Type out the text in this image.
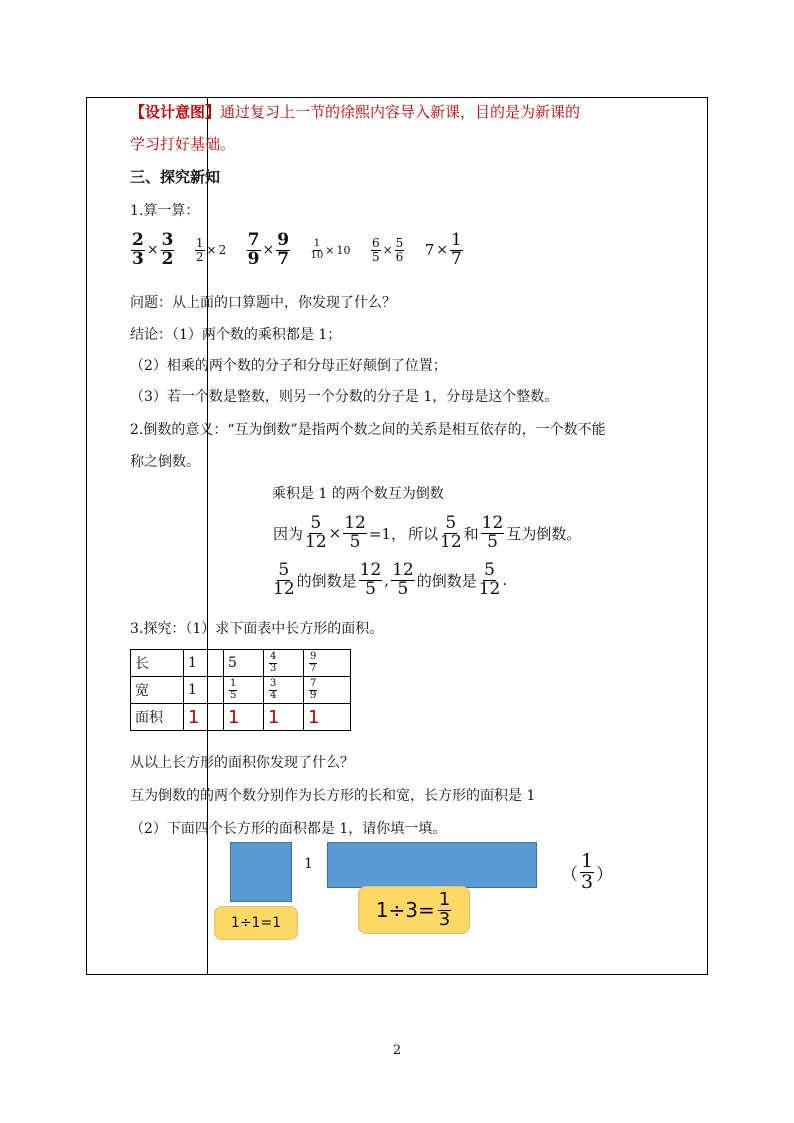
【设计意图】通过复习上一节的徐熙内容导入新课，目的是为新课的
学习打好基础。
三、探究新知
1.算一算：
$\frac{2}{3} \times \frac{3}{2}$
$\frac{1}{2} \times 2 \frac{7}{9} \times \frac{9}{7}$
$\frac{1}{10} \times 10 \frac{6}{5} \times \frac{5}{6} 7 \times \frac{1}{7}$
问题：从上面的口算题中，你发现了什么？
结论：（1）两个数的乘积都是 1；
（2）相乘的两个数的分子和分母正好颠倒了位置；
（3）若一个数是整数，则另一个分数的分子是 1，分母是这个整数。
2.倒数的意义：“互为倒数”是指两个数之间的关系是相互依存的，一个数不能
称之倒数。
乘积是 1 的两个数互为倒数
因为 $\frac{5}{12} \times \frac{12}{5} =1$， 所以 $\frac{5}{12}$ 和 $\frac{12}{5}$ 互为倒数。
$\frac{5}{12}$ 的倒数是 $\frac{12}{5}$ , $\frac{12}{5}$ 的倒数是 $\frac{5}{12}$ .
3.探究：（1）求下面表中长方形的面积。
长	1	5	$\frac{4}{3}$	$\frac{9}{7}$

宽	1	$\frac{1}{5}$	$\frac{3}{4}$	$\frac{7}{9}$

面积	1	1	1	1
从以上长方形的面积你发现了什么？
互为倒数的的两个数分别作为长方形的长和宽，长方形的面积是 1
（2）下面四个长方形的面积都是 1，请你填一填。
1
（ $\frac{1}{3}$ ）
1÷1=1
$1\div 3= \frac{1}{3}$
2
